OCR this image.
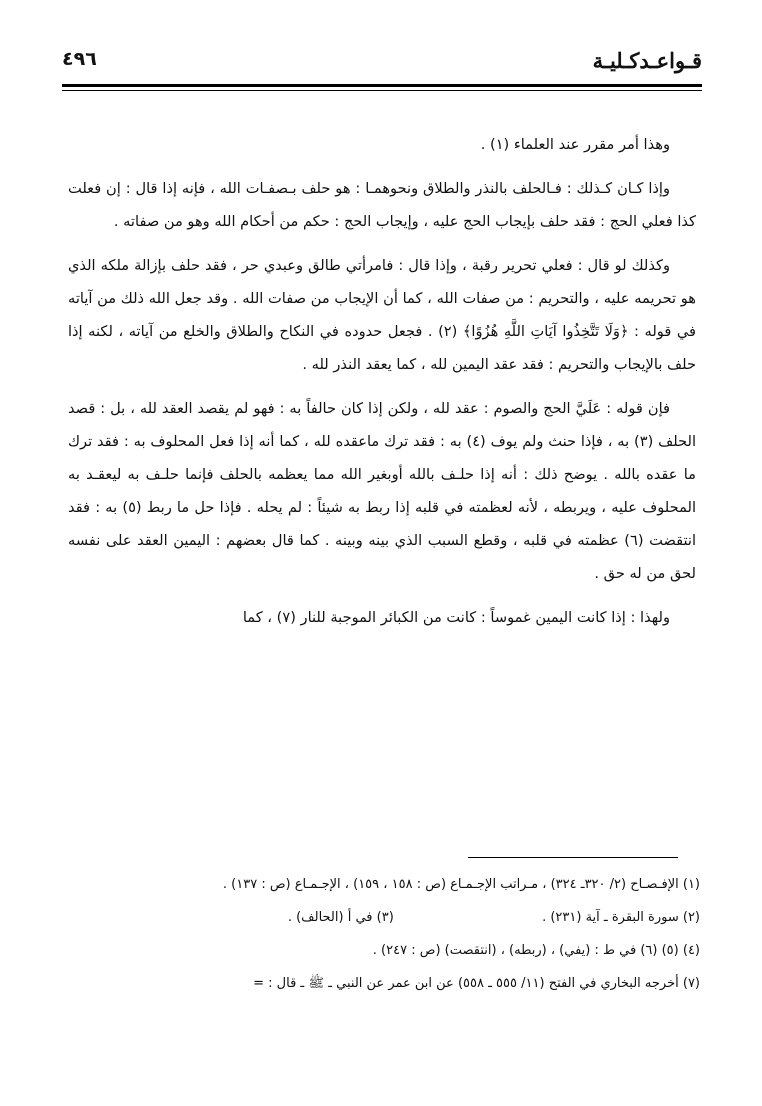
قـواعـدكـليـة
٤٩٦

وهذا أمر مقرر عند العلماء (١) .

وإذا كـان كـذلك : فـالحلف بالنذر والطلاق ونحوهمـا : هو حلف بـصفـات الله ، فإنه إذا قال : إن فعلت كذا فعلي الحج : فقد حلف بإيجاب الحج عليه ، وإيجاب الحج : حكم من أحكام الله وهو من صفاته .

وكذلك لو قال : فعلي تحرير رقبة ، وإذا قال : فامرأتي طالق وعبدي حر ، فقد حلف بإزالة ملكه الذي هو تحريمه عليه ، والتحريم : من صفات الله ، كما أن الإيجاب من صفات الله . وقد جعل الله ذلك من آياته في قوله : ﴿وَلَا تَتَّخِذُوا آيَاتِ اللَّهِ هُزُوًا﴾ (٢) . فجعل حدوده في النكاح والطلاق والخلع من آياته ، لكنه إذا حلف بالإيجاب والتحريم : فقد عقد اليمين لله ، كما يعقد النذر لله .

فإن قوله : عَلَيَّ الحج والصوم : عقد لله ، ولكن إذا كان حالفاً به : فهو لم يقصد العقد لله ، بل : قصد الحلف (٣) به ، فإذا حنث ولم يوف (٤) به : فقد ترك ماعقده لله ، كما أنه إذا فعل المحلوف به : فقد ترك ما عقده بالله . يوضح ذلك : أنه إذا حلـف بالله أوبغير الله مما يعظمه بالحلف فإنما حلـف به ليعقـد به المحلوف عليه ، ويربطه ، لأنه لعظمته في قلبه إذا ربط به شيئاً : لم يحله . فإذا حل ما ربط (٥) به : فقد انتقضت (٦) عظمته في قلبه ، وقطع السبب الذي بينه وبينه . كما قال بعضهم : اليمين العقد على نفسه لحق من له حق .

ولهذا : إذا كانت اليمين غموساً : كانت من الكبائر الموجبة للنار (٧) ، كما

(١) الإفـصـاح (٢/ ٣٢٠ـ ٣٢٤) ، مـراتب الإجـمـاع (ص : ١٥٨ ، ١٥٩) ، الإجـمـاع (ص : ١٣٧) .

(٢) سورة البقرة ـ آية (٢٣١) .

(٣) في أ (الحالف) .

(٤) (٥) (٦) في ط : (يفي) ، (ربطه) ، (انتقصت) (ص : ٢٤٧) .

(٧) أخرجه البخاري في الفتح (١١/ ٥٥٥ ـ ٥٥٨) عن ابن عمر عن النبي ـ ﷺ ـ قال : =
